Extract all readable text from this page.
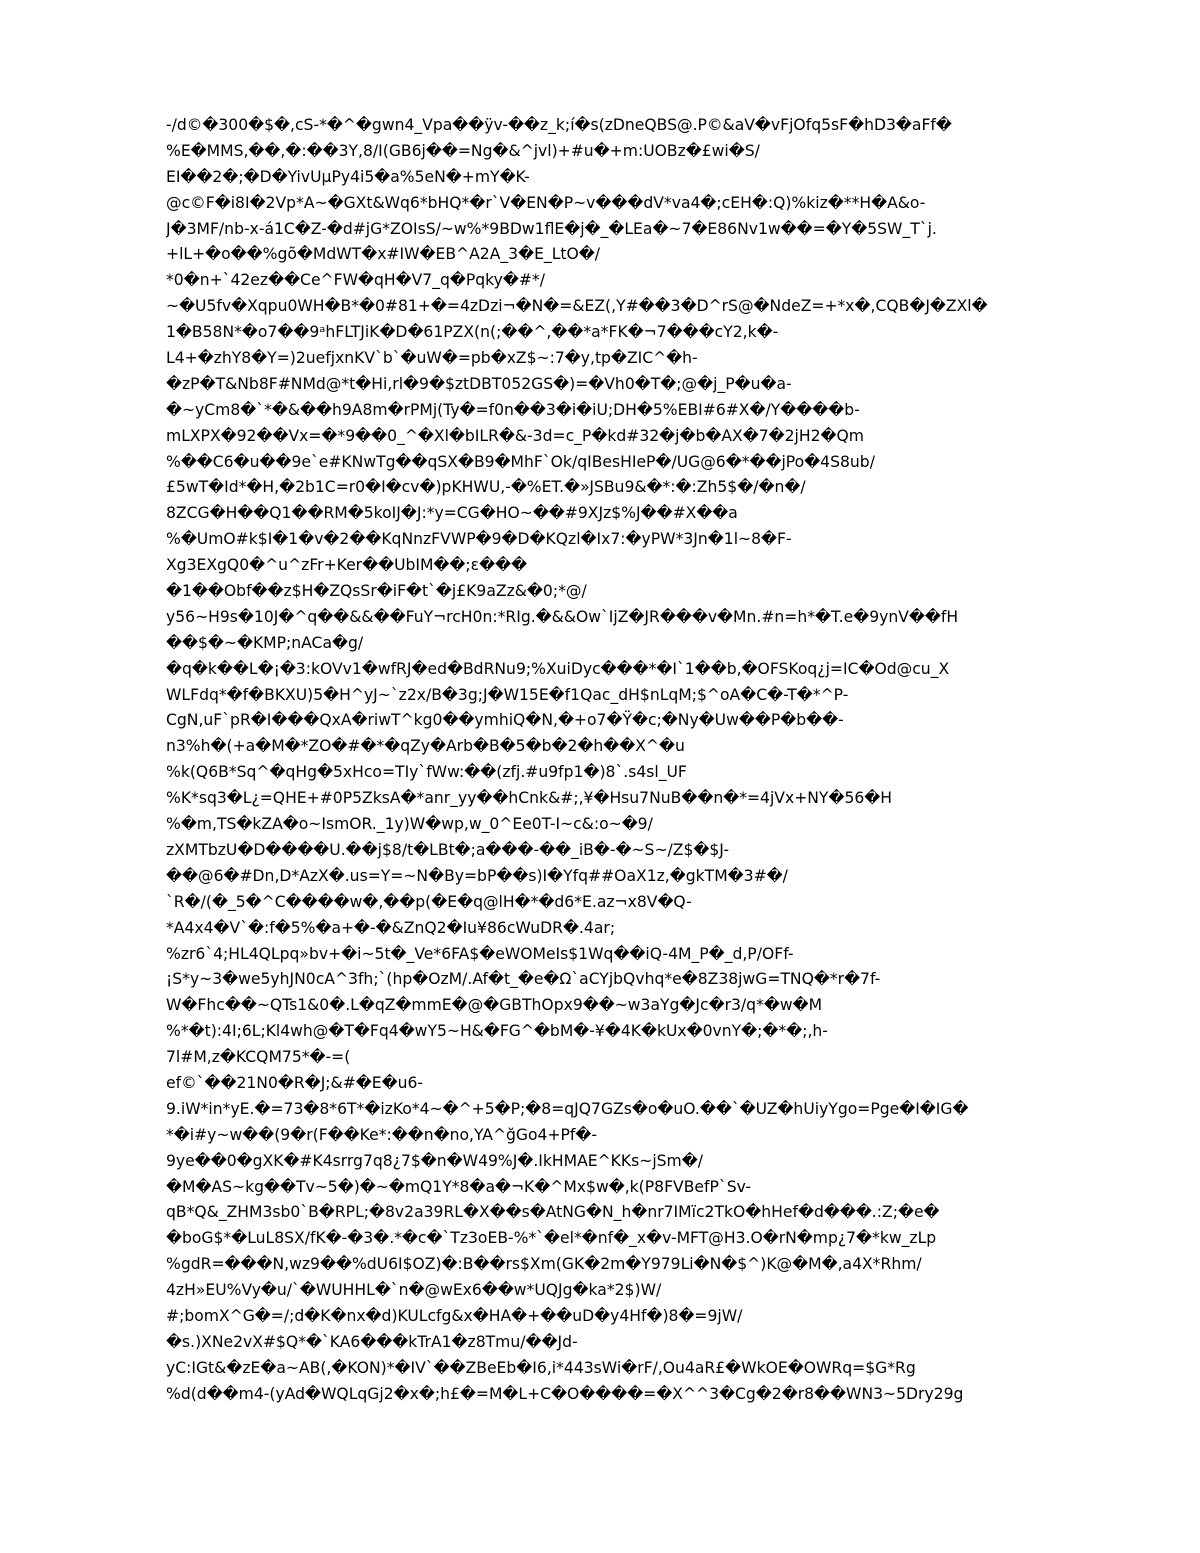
-/d©�300�$�,cS-*�^�gwn4_Vpa��ÿv-��z_k;í�s(zDneQBS@.P©&aV�vFjOfq5sF�hD3�aFf�
%E�MMS,��,�:��3Y,8/I(GB6j��=Ng�&^jvl)+#u�+m:UOBz�£wi�S/
EI��2�;�D�YivUµPy4i5�a%5eN�+mY�K-
@c©F�i8I�2Vp*A~�GXt&Wq6*bHQ*�r`V�EN�P~v���dV*va4�;cEH�:Q)%kiz�**H�A&o-
J�3MF/nb-x-á1C�Z-�d#jG*ZOIsS/~w%*9BDw1flE�j�_�LEa�~7�E86Nv1w��=�Y�5SW_T`j.
+lL+�o��%gõ�MdWT�x#IW�EB^A2A_3�E_LtO�/
*0�n+`42ez��Ce^FW�qH�V7_q�Pqky�#*/
~�U5fv�Xqpu0WH�B*�0#81+�=4zDzi¬�N�=&EZ(,Y#��3�D^rS@�NdeZ=+*x�,CQB�J�ZXl�
1�B58N*�o7��9ᵃhFLTJiK�D�61PZX(n(;��^,��*a*FK�¬7���cY2,k�-
L4+�zhY8�Y=)2uefjxnKV`b`�uW�=pb�xZ$~:7�y,tp�ZIC^�h-
�zP�T&Nb8F#NMd@*t�Hi,rl�9�$ztDBT052GS�)=�Vh0�T�;@�j_P�u�a-
�~yCm8�`*�&��h9A8m�rPMj(Ty�=f0n��3�i�iU;DH�5%EBI#6#X�/Y����b-
mLXPX�92��Vx=�*9��0_^�Xl�bILR�&-3d=c_P�kd#32�j�b�AX�7�2jH2�Qm
%��C6�u��9e`e#KNwTg��qSX�B9�MhF`Ok/qIBesHIeP�/UG@6�*��jPo�4S8ub/
£5wT�Id*�H,�2b1C=r0�I�cv�)pKHWU,-�%ET.�»JSBu9&�*:�:Zh5$�/�n�/
8ZCG�H��Q1��RM�5koIJ�J:*y=CG�HO~��#9XJz$%J��#X��a
%�UmO#k$I�1�v�2��KqNnzFVWP�9�D�KQzl�Ix7:�yPW*3Jn�1l~8�F-
Xg3EXgQ0�^u^zFr+Ker��UbIM��;ε���
�1��Obf��z$H�ZQsSr�iF�t`�j£K9aZz&�0;*@/
y56~H9s�10J�^q��&&��FuY¬rcH0n:*RIg.�&&Ow`IjZ�JR���v�Mn.#n=h*�T.e�9ynV��fH
��$�~�KMP;nACa�g/
�q�k��L�¡�3:kOVv1�wfRJ�ed�BdRNu9;%XuiDyc���*�I`1��b,�OFSKoq¿j=IC�Od@cu_X
WLFdq*�f�BKXU)5�H^yJ~`z2x/B�3g;J�W15E�f1Qac_dH$nLqM;$^oA�C�-T�*^P-
CgN,uF`pR�I���QxA�riwT^kg0��ymhiQ�N,�+o7�Ÿ�c;�Ny�Uw��P�b��-
n3%h�(+a�M�*ZO�#�*�qZy�Arb�B�5�b�2�h��X^�u
%k(Q6B*Sq^�qHg�5xHco=TIy`fWw:��(zfj.#u9fp1�)8`.s4sl_UF
%K*sq3�L¿=QHE+#0P5ZksA�*anr_yy��hCnk&#;,¥�Hsu7NuB��n�*=4jVx+NY�56�H
%�m,TS�kZA�o~IsmOR._1y)W�wp,w_0^Ee0T-I~c&:o~�9/
zXMTbzU�D����U.��j$8/t�LBt�;a���-��_iB�-�~S~/Z$�$J-
��@6�#Dn,D*AzX�.us=Y=~N�By=bP��s)I�Yfq##OaX1z,�gkTM�3#�/
`R�/(�_5�^C����w�,��p(�E�q@lH�*�d6*E.az¬x8V�Q-
*A4x4�V`�:f�5%�a+�-�&ZnQ2�Iu¥86cWuDR�.4ar;
%zr6`4;HL4QLpq»bv+�i~5t�_Ve*6FA$�eWOMeIs$1Wq��iQ-4M_P�_d,P/OFf-
¡S*y~3�we5yhJN0cA^3fh;`(hp�OzM/.Af�t_�e�Ω`aCYjbQvhq*e�8Z38jwG=TNQ�*r�7f-
W�Fhc��~QTs1&0�.L�qZ�mmE�@�GBThOpx9��~w3aYg�Jc�r3/q*�w�M
%*�t):4I;6L;Kl4wh@�T�Fq4�wY5~H&�FG^�bM�-¥�4K�kUx�0vnY�;�*�;,h-
7l#M,z�KCQM75*�-=(
ef©`��21N0�R�J;&#�E�u6-
9.iW*in*yE.�=73�8*6T*�izKo*4~�^+5�P;�8=qJQ7GZs�o�uO.��`�UZ�hUiyYgo=Pge�I�IG�
*�i#y~w��(9�r(F��Ke*:��n�no,YA^ğGo4+Pf�-
9ye��0�gXK�#K4srrg7q8¿7$�n�W49%J�.IkHMAE^KKs~jSm�/
�M�AS~kg��Tv~5�)�~�mQ1Y*8�a�¬K�^Mx$w�,k(P8FVBefP`Sv-
qB*Q&_ZHM3sb0`B�RPL;�8v2a39RL�X��s�AtNG�N_h�nr7IMïc2TkO�hHef�d���.:Z;�e�
�boG$*�LuL8SX/fK�-�3�.*�c�`Tz3oEB-%*`�el*�nf�_x�v-MFT@H3.O�rN�mp¿7�*kw_zLp
%gdR=���N,wz9��%dU6I$OZ)�:B��rs$Xm(GK�2m�Y979Li�N�$^)K@�M�,a4X*Rhm/
4zH»EU%Vy�u/`�WUHHL�`n�@wEx6��w*UQJg�ka*2$)W/
#;bomX^G�=/;d�K�nx�d)KULcfg&x�HA�+��uD�y4Hf�)8�=9jW/
�s.)XNe2vX#$Q*�`KA6���kTrA1�z8Tmu/��Jd-
yC:IGt&�zE�a~AB(,�KON)*�IV`��ZBeEb�I6,i*443sWi�rF/,Ou4aR£�WkOE�OWRq=$G*Rg
%d(d��m4-(yAd�WQLqGj2�x�;h£�=M�L+C�O����=�X^^3�Cg�2�r8��WN3~5Dry29g
